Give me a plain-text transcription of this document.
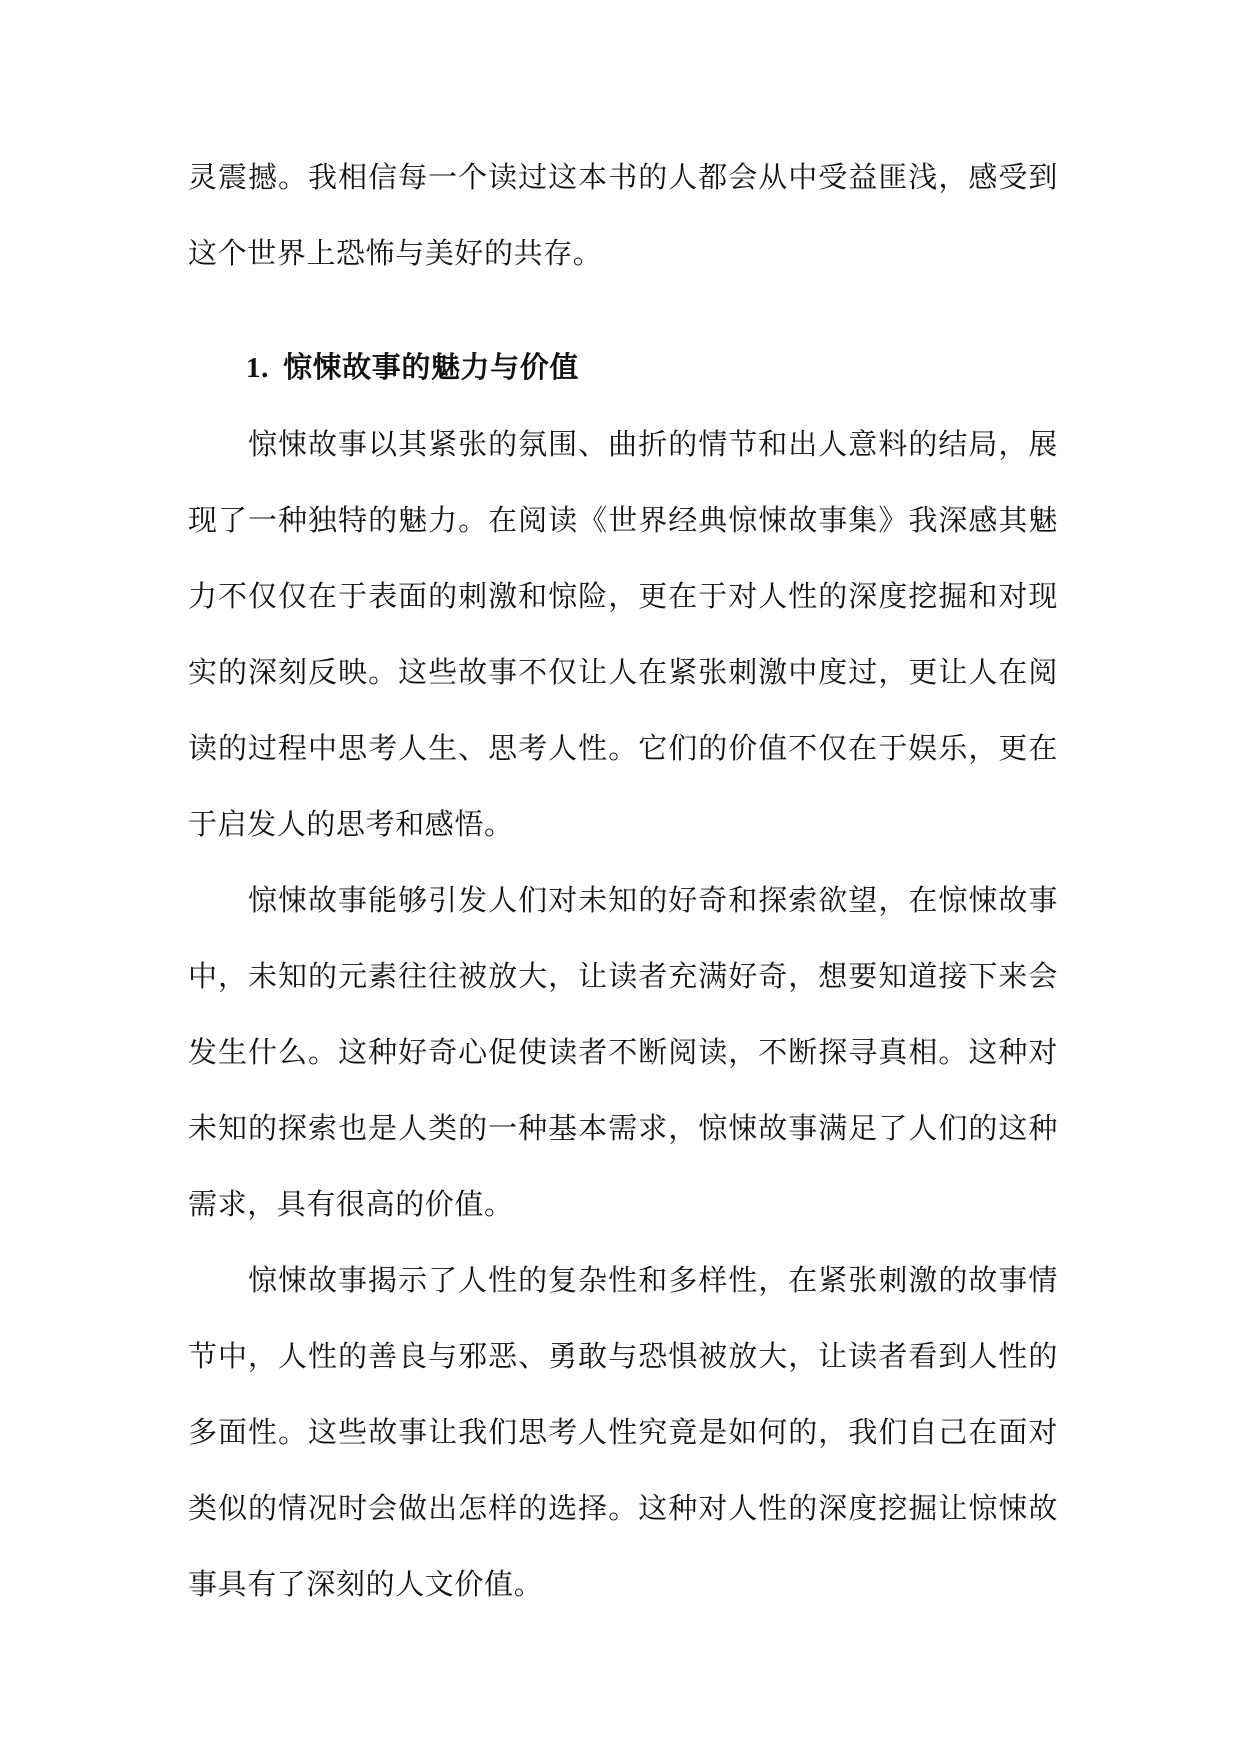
灵震撼。我相信每一个读过这本书的人都会从中受益匪浅，感受到这个世界上恐怖与美好的共存。

1. 惊悚故事的魅力与价值

惊悚故事以其紧张的氛围、曲折的情节和出人意料的结局，展现了一种独特的魅力。在阅读《世界经典惊悚故事集》我深感其魅力不仅仅在于表面的刺激和惊险，更在于对人性的深度挖掘和对现实的深刻反映。这些故事不仅让人在紧张刺激中度过，更让人在阅读的过程中思考人生、思考人性。它们的价值不仅在于娱乐，更在于启发人的思考和感悟。

惊悚故事能够引发人们对未知的好奇和探索欲望，在惊悚故事中，未知的元素往往被放大，让读者充满好奇，想要知道接下来会发生什么。这种好奇心促使读者不断阅读，不断探寻真相。这种对未知的探索也是人类的一种基本需求，惊悚故事满足了人们的这种需求，具有很高的价值。

惊悚故事揭示了人性的复杂性和多样性，在紧张刺激的故事情节中，人性的善良与邪恶、勇敢与恐惧被放大，让读者看到人性的多面性。这些故事让我们思考人性究竟是如何的，我们自己在面对类似的情况时会做出怎样的选择。这种对人性的深度挖掘让惊悚故事具有了深刻的人文价值。
